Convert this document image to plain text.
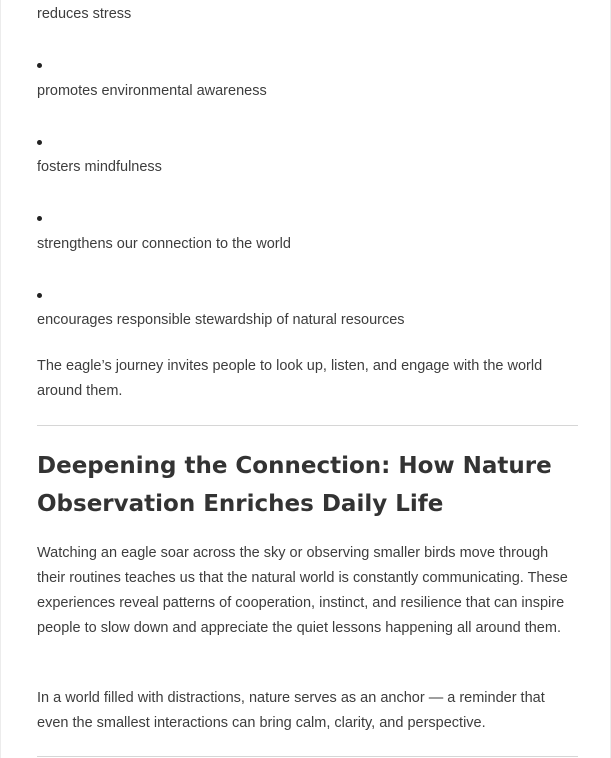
reduces stress
promotes environmental awareness
fosters mindfulness
strengthens our connection to the world
encourages responsible stewardship of natural resources

The eagle’s journey invites people to look up, listen, and engage with the world around them.

Deepening the Connection: How Nature Observation Enriches Daily Life

Watching an eagle soar across the sky or observing smaller birds move through their routines teaches us that the natural world is constantly communicating. These experiences reveal patterns of cooperation, instinct, and resilience that can inspire people to slow down and appreciate the quiet lessons happening all around them.

In a world filled with distractions, nature serves as an anchor — a reminder that even the smallest interactions can bring calm, clarity, and perspective.
